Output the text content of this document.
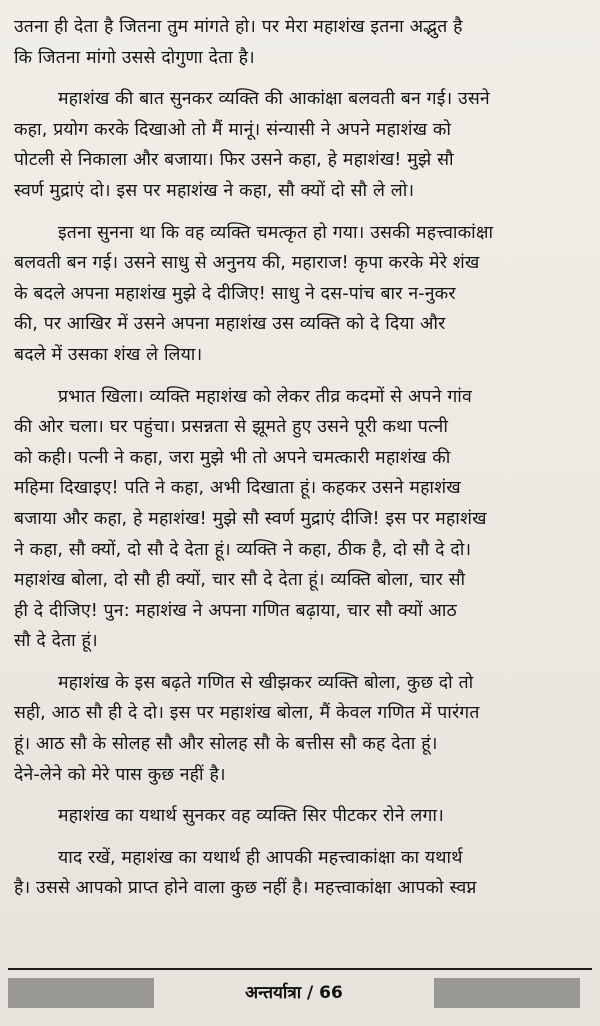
उतना ही देता है जितना तुम मांगते हो। पर मेरा महाशंख इतना अद्भुत है
कि जितना मांगो उससे दोगुणा देता है।

महाशंख की बात सुनकर व्यक्ति की आकांक्षा बलवती बन गई। उसने
कहा, प्रयोग करके दिखाओ तो मैं मानूं। संन्यासी ने अपने महाशंख को
पोटली से निकाला और बजाया। फिर उसने कहा, हे महाशंख! मुझे सौ
स्वर्ण मुद्राएं दो। इस पर महाशंख ने कहा, सौ क्यों दो सौ ले लो।

इतना सुनना था कि वह व्यक्ति चमत्कृत हो गया। उसकी महत्त्वाकांक्षा
बलवती बन गई। उसने साधु से अनुनय की, महाराज! कृपा करके मेरे शंख
के बदले अपना महाशंख मुझे दे दीजिए! साधु ने दस-पांच बार न-नुकर
की, पर आखिर में उसने अपना महाशंख उस व्यक्ति को दे दिया और
बदले में उसका शंख ले लिया।

प्रभात खिला। व्यक्ति महाशंख को लेकर तीव्र कदमों से अपने गांव
की ओर चला। घर पहुंचा। प्रसन्नता से झूमते हुए उसने पूरी कथा पत्नी
को कही। पत्नी ने कहा, जरा मुझे भी तो अपने चमत्कारी महाशंख की
महिमा दिखाइए! पति ने कहा, अभी दिखाता हूं। कहकर उसने महाशंख
बजाया और कहा, हे महाशंख! मुझे सौ स्वर्ण मुद्राएं दीजि! इस पर महाशंख
ने कहा, सौ क्यों, दो सौ दे देता हूं। व्यक्ति ने कहा, ठीक है, दो सौ दे दो।
महाशंख बोला, दो सौ ही क्यों, चार सौ दे देता हूं। व्यक्ति बोला, चार सौ
ही दे दीजिए! पुन: महाशंख ने अपना गणित बढ़ाया, चार सौ क्यों आठ
सौ दे देता हूं।

महाशंख के इस बढ़ते गणित से खीझकर व्यक्ति बोला, कुछ दो तो
सही, आठ सौ ही दे दो। इस पर महाशंख बोला, मैं केवल गणित में पारंगत
हूं। आठ सौ के सोलह सौ और सोलह सौ के बत्तीस सौ कह देता हूं।
देने-लेने को मेरे पास कुछ नहीं है।

महाशंख का यथार्थ सुनकर वह व्यक्ति सिर पीटकर रोने लगा।

याद रखें, महाशंख का यथार्थ ही आपकी महत्त्वाकांक्षा का यथार्थ
है। उससे आपको प्राप्त होने वाला कुछ नहीं है। महत्त्वाकांक्षा आपको स्वप्न

अन्तर्यात्रा / 66
